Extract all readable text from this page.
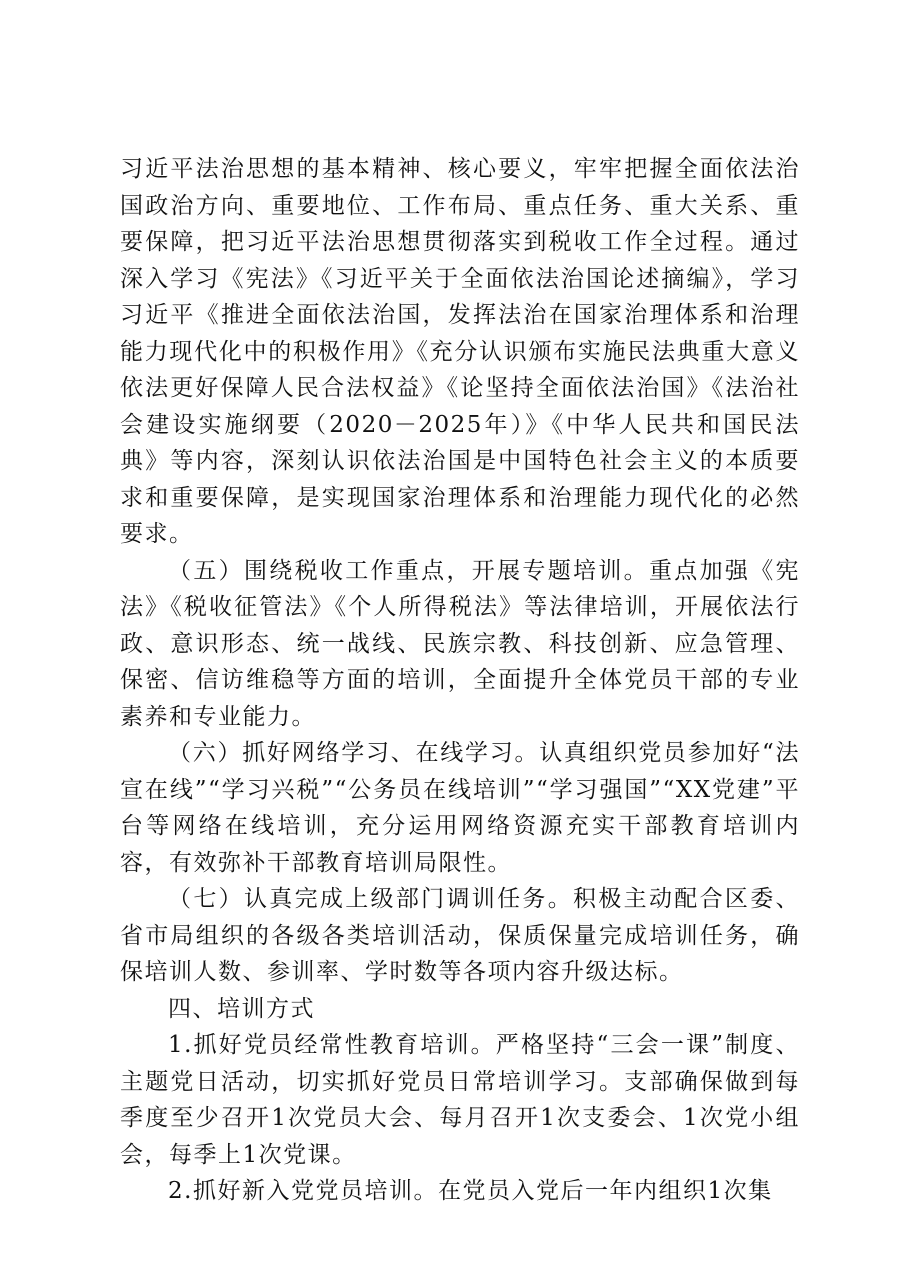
习近平法治思想的基本精神、核心要义，牢牢把握全面依法治国政治方向、重要地位、工作布局、重点任务、重大关系、重要保障，把习近平法治思想贯彻落实到税收工作全过程。通过深入学习《宪法》《习近平关于全面依法治国论述摘编》，学习习近平《推进全面依法治国，发挥法治在国家治理体系和治理能力现代化中的积极作用》《充分认识颁布实施民法典重大意义依法更好保障人民合法权益》《论坚持全面依法治国》《法治社会建设实施纲要（2020－2025年）》《中华人民共和国民法典》等内容，深刻认识依法治国是中国特色社会主义的本质要求和重要保障，是实现国家治理体系和治理能力现代化的必然要求。

（五）围绕税收工作重点，开展专题培训。重点加强《宪法》《税收征管法》《个人所得税法》等法律培训，开展依法行政、意识形态、统一战线、民族宗教、科技创新、应急管理、保密、信访维稳等方面的培训，全面提升全体党员干部的专业素养和专业能力。

（六）抓好网络学习、在线学习。认真组织党员参加好“法宣在线”“学习兴税”“公务员在线培训”“学习强国”“XX党建”平台等网络在线培训，充分运用网络资源充实干部教育培训内容，有效弥补干部教育培训局限性。

（七）认真完成上级部门调训任务。积极主动配合区委、省市局组织的各级各类培训活动，保质保量完成培训任务，确保培训人数、参训率、学时数等各项内容升级达标。

四、培训方式

1.抓好党员经常性教育培训。严格坚持“三会一课”制度、主题党日活动，切实抓好党员日常培训学习。支部确保做到每季度至少召开1次党员大会、每月召开1次支委会、1次党小组会，每季上1次党课。

2.抓好新入党党员培训。在党员入党后一年内组织1次集
